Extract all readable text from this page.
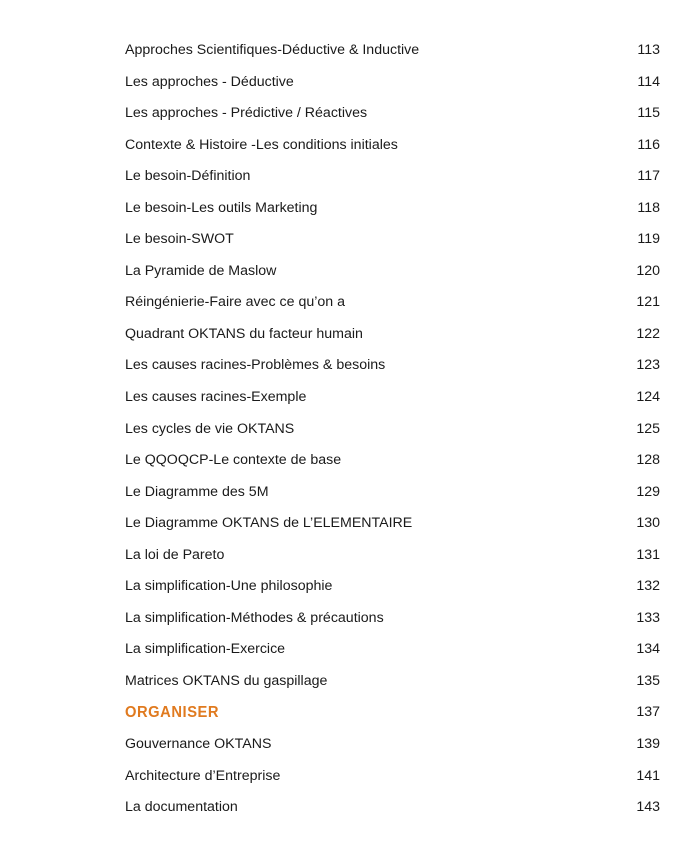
Approches Scientifiques-Déductive & Inductive	113
Les approches - Déductive	114
Les approches - Prédictive / Réactives	115
Contexte & Histoire -Les conditions initiales	116
Le besoin-Définition	117
Le besoin-Les outils Marketing	118
Le besoin-SWOT	119
La Pyramide de Maslow	120
Réingénierie-Faire avec ce qu’on a	121
Quadrant OKTANS du facteur humain	122
Les causes racines-Problèmes & besoins	123
Les causes racines-Exemple	124
Les cycles de vie OKTANS	125
Le QQOQCP-Le contexte de base	128
Le Diagramme des 5M	129
Le Diagramme OKTANS de L’ELEMENTAIRE	130
La loi de Pareto	131
La simplification-Une philosophie	132
La simplification-Méthodes & précautions	133
La simplification-Exercice	134
Matrices OKTANS du gaspillage	135
ORGANISER	137
Gouvernance OKTANS	139
Architecture d’Entreprise	141
La documentation	143
